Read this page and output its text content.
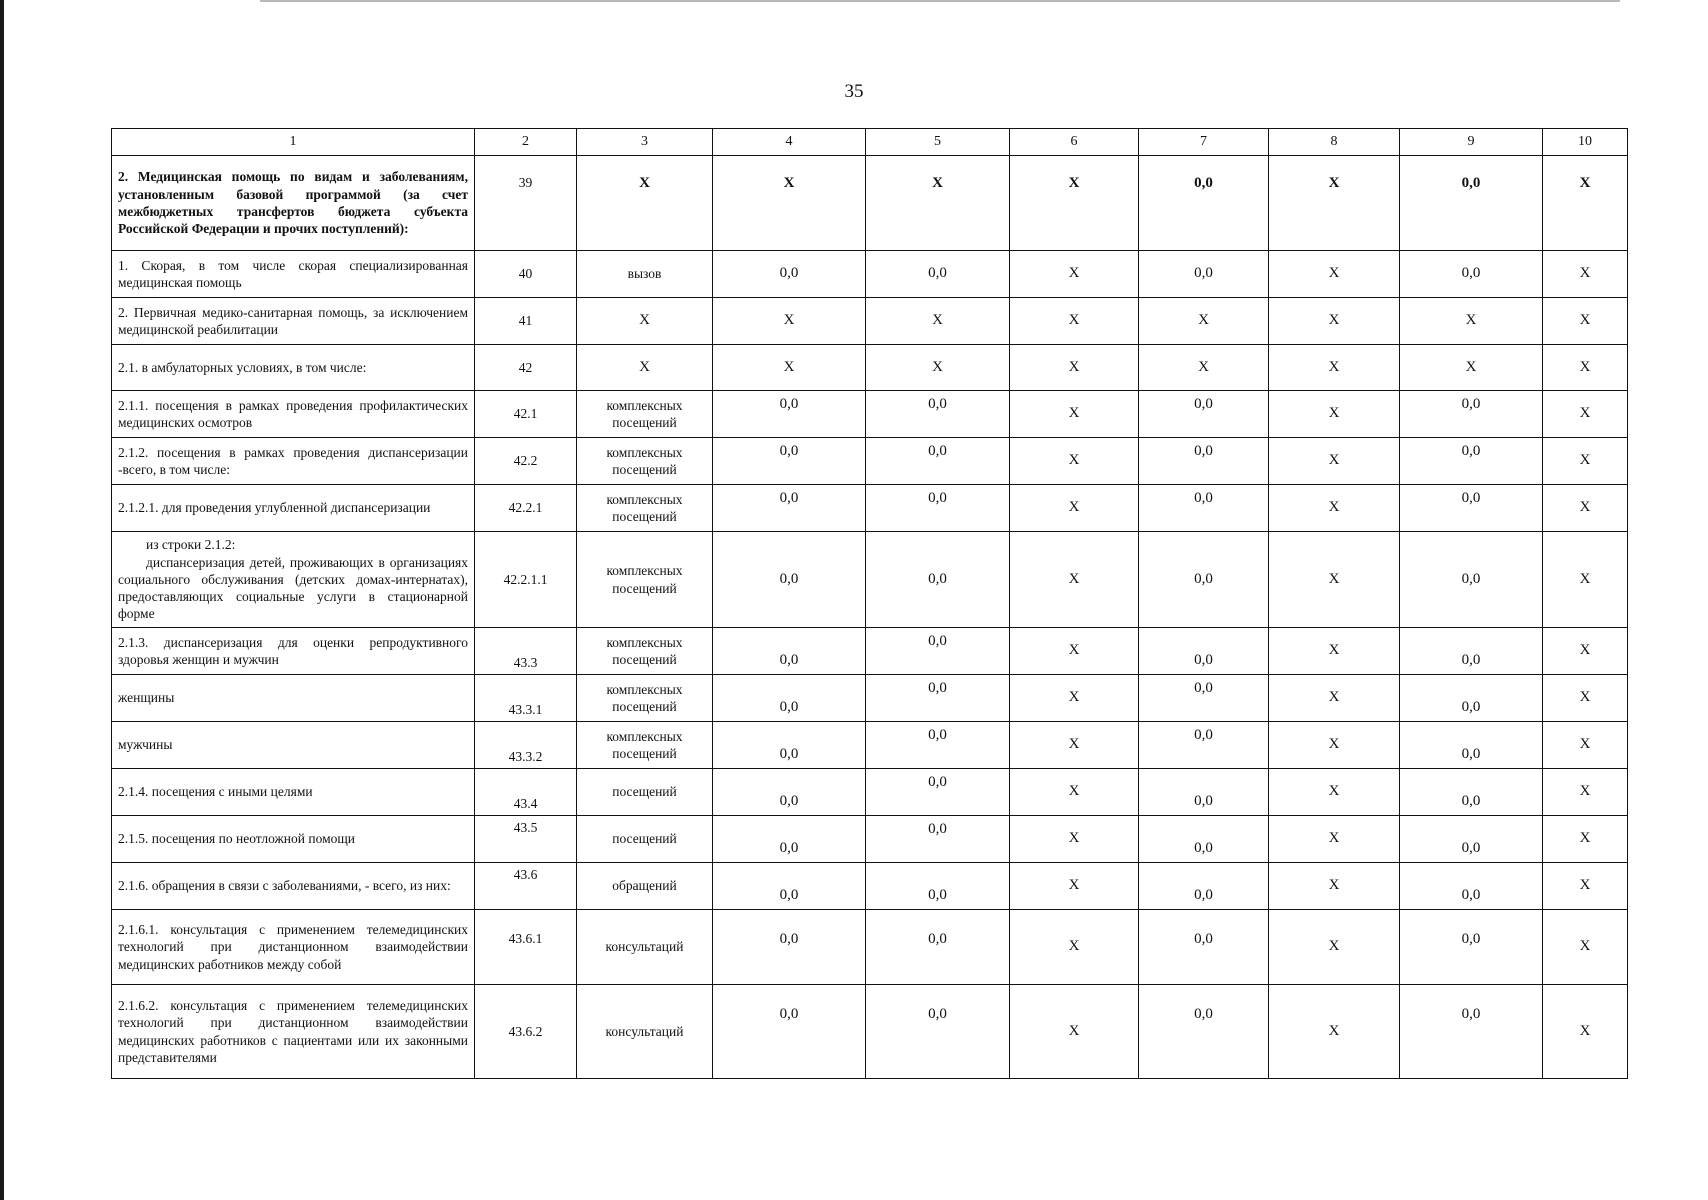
35
1	2	3	4	5	6	7	8	9	10
2. Медицинская помощь по видам и заболеваниям, установленным базовой программой (за счет межбюджетных трансфертов бюджета субъекта Российской Федерации и прочих поступлений):	39	X	X	X	X	0,0	X	0,0	X
1. Скорая, в том числе скорая специализированная медицинская помощь	40	вызов	0,0	0,0	X	0,0	X	0,0	X
2. Первичная медико-санитарная помощь, за исключением медицинской реабилитации	41	X	X	X	X	X	X	X	X
2.1. в амбулаторных условиях, в том числе:	42	X	X	X	X	X	X	X	X
2.1.1. посещения в рамках проведения профилактических медицинских осмотров	42.1	комплексных посещений	0,0	0,0	X	0,0	X	0,0	X
2.1.2. посещения в рамках проведения диспансеризации -всего, в том числе:	42.2	комплексных посещений	0,0	0,0	X	0,0	X	0,0	X
2.1.2.1. для проведения углубленной диспансеризации	42.2.1	комплексных посещений	0,0	0,0	X	0,0	X	0,0	X

из строки 2.1.2:
диспансеризация детей, проживающих в организациях социального обслуживания (детских домах-интернатах), предоставляющих социальные услуги в стационарной форме	42.2.1.1	комплексных посещений	0,0	0,0	X	0,0	X	0,0	X
2.1.3. диспансеризация для оценки репродуктивного здоровья женщин и мужчин	43.3	комплексных посещений	0,0	0,0	X	0,0	X	0,0	X
женщины	43.3.1	комплексных посещений	0,0	0,0	X	0,0	X	0,0	X
мужчины	43.3.2	комплексных посещений	0,0	0,0	X	0,0	X	0,0	X
2.1.4. посещения с иными целями	43.4	посещений	0,0	0,0	X	0,0	X	0,0	X
2.1.5. посещения по неотложной помощи	43.5	посещений	0,0	0,0	X	0,0	X	0,0	X
2.1.6. обращения в связи с заболеваниями, - всего, из них:	43.6	обращений	0,0	0,0	X	0,0	X	0,0	X
2.1.6.1. консультация с применением телемедицинских технологий при дистанционном взаимодействии медицинских работников между собой	43.6.1	консультаций	0,0	0,0	X	0,0	X	0,0	X
2.1.6.2. консультация с применением телемедицинских технологий при дистанционном взаимодействии медицинских работников с пациентами или их законными представителями	43.6.2	консультаций	0,0	0,0	X	0,0	X	0,0	X
